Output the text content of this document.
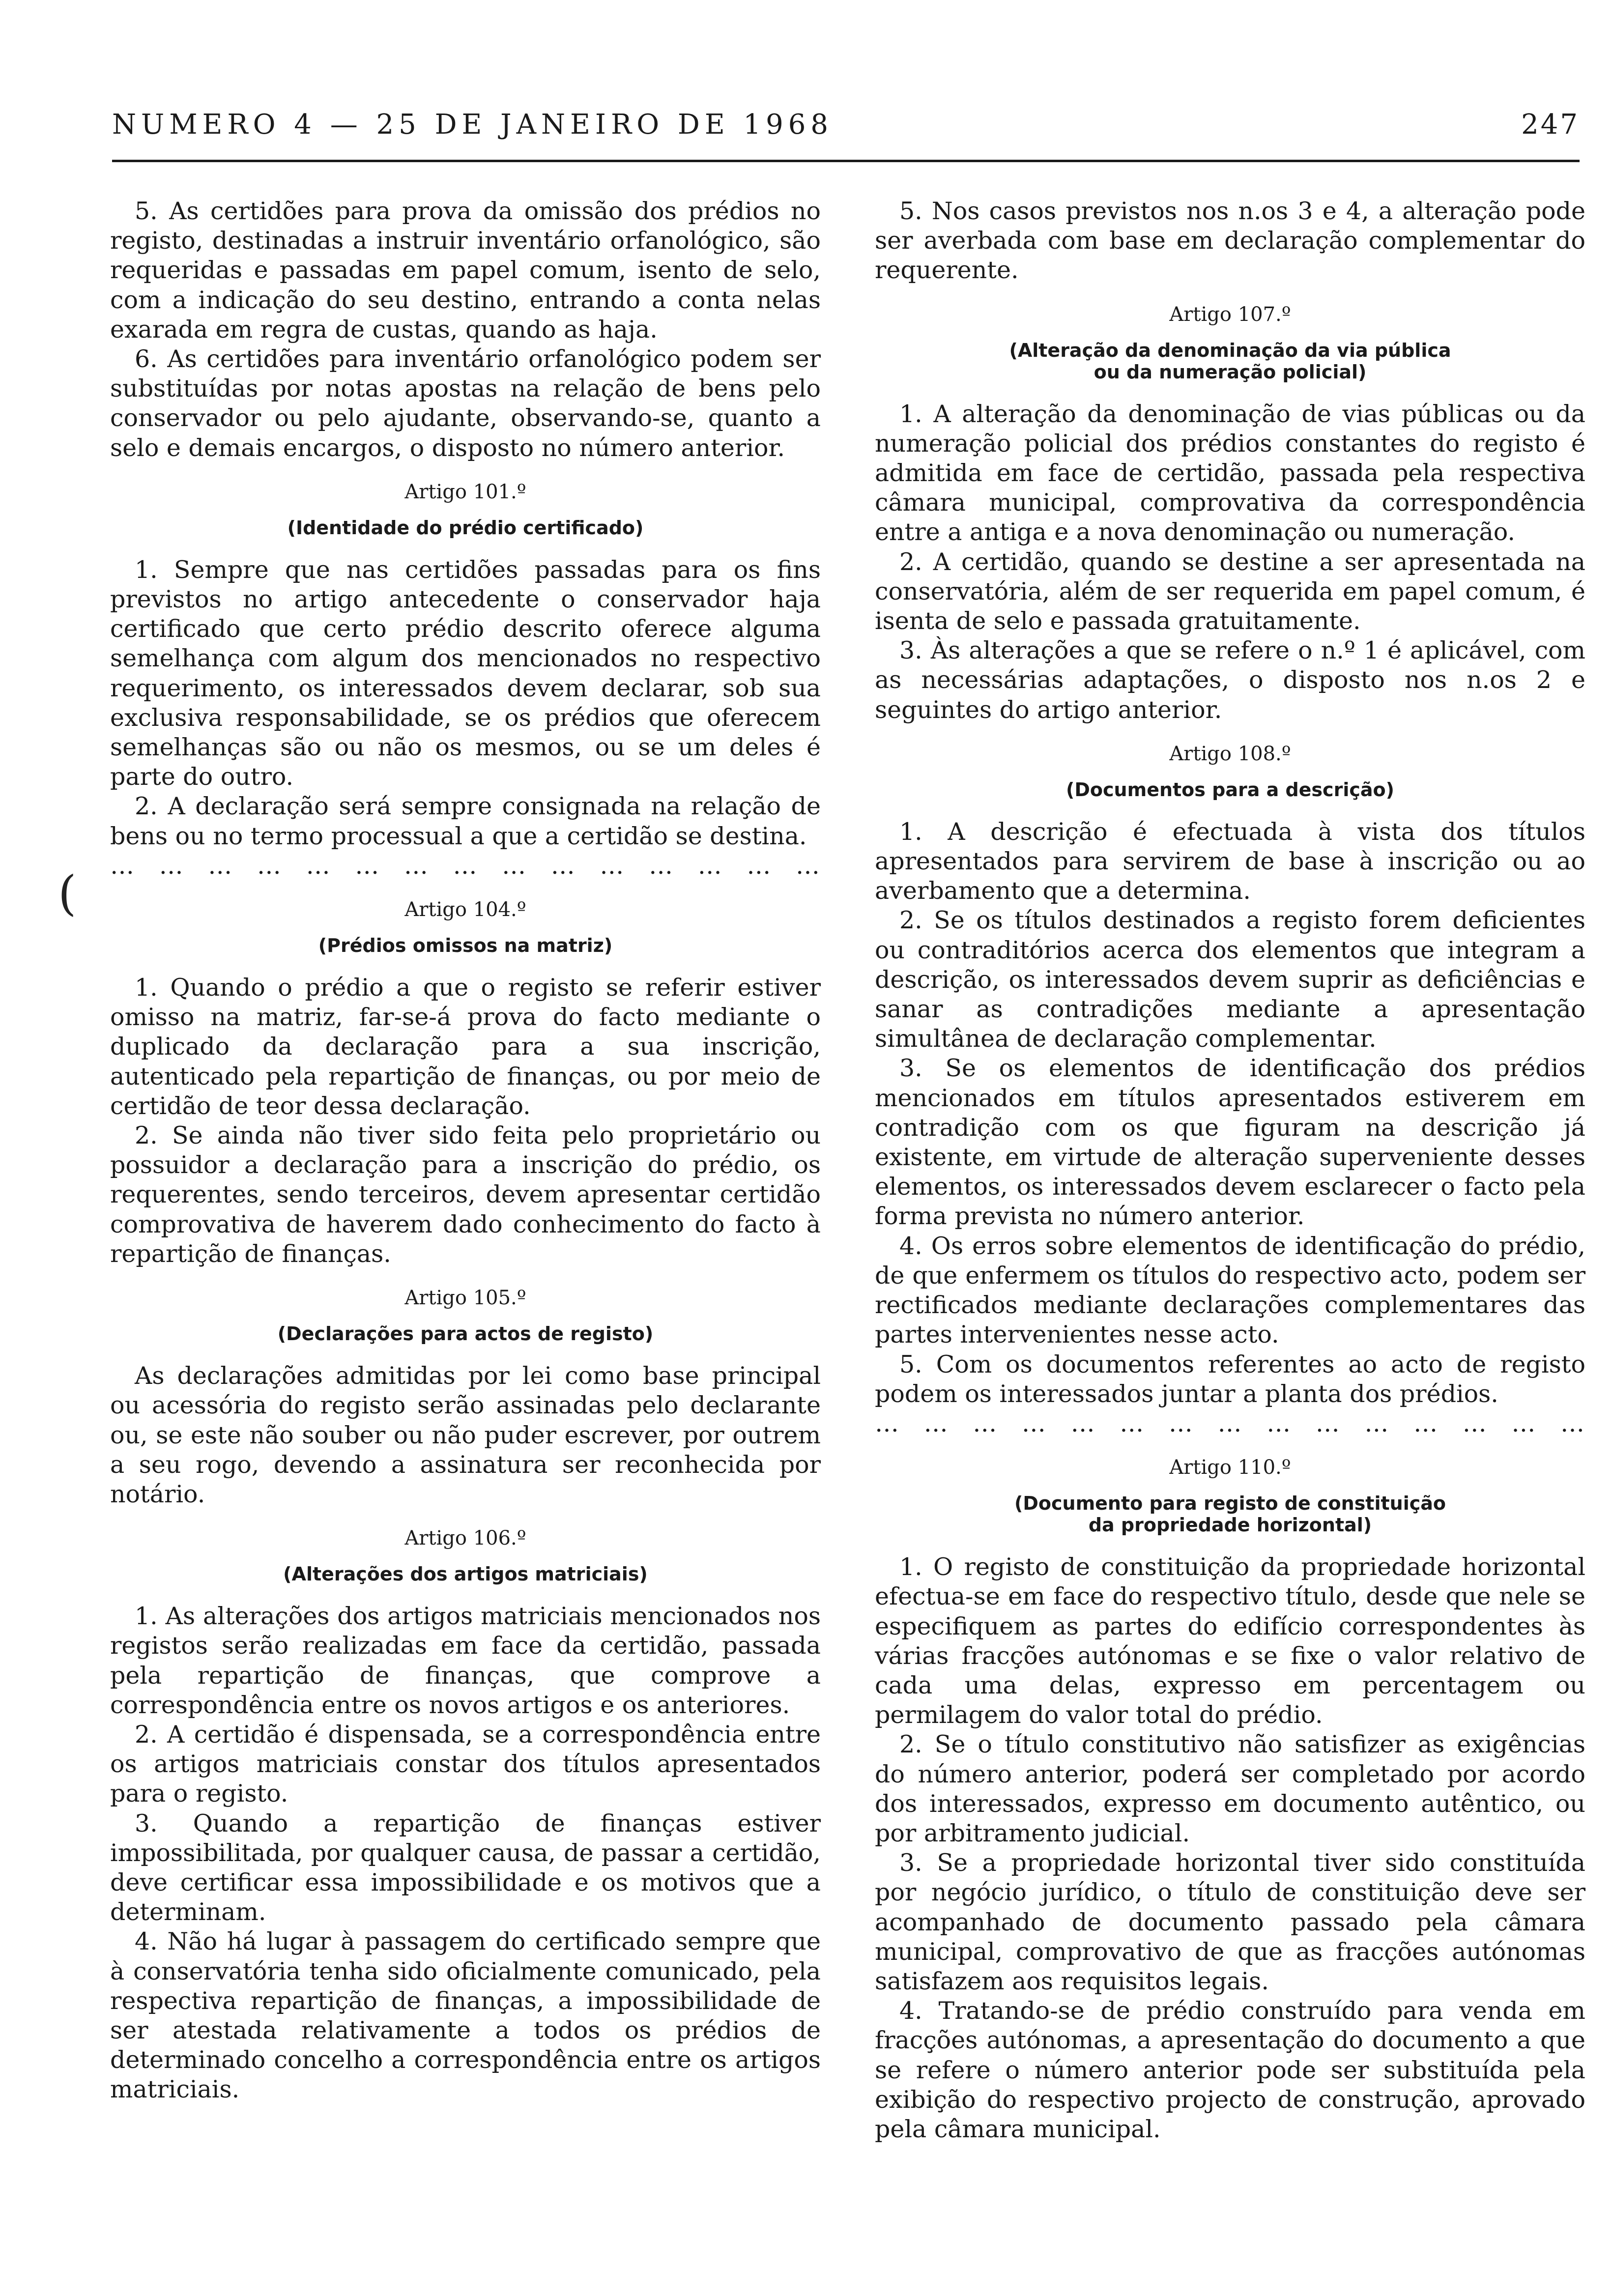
NUMERO 4 — 25 DE JANEIRO DE 1968	247
(

5. As certidões para prova da omissão dos prédios no registo, destinadas a instruir inventário orfanológico, são requeridas e passadas em papel comum, isento de selo, com a indicação do seu destino, entrando a conta nelas exarada em regra de custas, quando as haja.

6. As certidões para inventário orfanológico podem ser substituídas por notas apostas na relação de bens pelo conservador ou pelo ajudante, observando-se, quanto a selo e demais encargos, o disposto no número anterior.

Artigo 101.º

(Identidade do prédio certificado)

1. Sempre que nas certidões passadas para os fins previstos no artigo antecedente o conservador haja certificado que certo prédio descrito oferece alguma semelhança com algum dos mencionados no respectivo requerimento, os interessados devem declarar, sob sua exclusiva responsabilidade, se os prédios que oferecem semelhanças são ou não os mesmos, ou se um deles é parte do outro.

2. A declaração será sempre consignada na relação de bens ou no termo processual a que a certidão se destina.

… … … … … … … … … … … … … … …

Artigo 104.º

(Prédios omissos na matriz)

1. Quando o prédio a que o registo se referir estiver omisso na matriz, far-se-á prova do facto mediante o duplicado da declaração para a sua inscrição, autenticado pela repartição de finanças, ou por meio de certidão de teor dessa declaração.

2. Se ainda não tiver sido feita pelo proprietário ou possuidor a declaração para a inscrição do prédio, os requerentes, sendo terceiros, devem apresentar certidão comprovativa de haverem dado conhecimento do facto à repartição de finanças.

Artigo 105.º

(Declarações para actos de registo)

As declarações admitidas por lei como base principal ou acessória do registo serão assinadas pelo declarante ou, se este não souber ou não puder escrever, por outrem a seu rogo, devendo a assinatura ser reconhecida por notário.

Artigo 106.º

(Alterações dos artigos matriciais)

1. As alterações dos artigos matriciais mencionados nos registos serão realizadas em face da certidão, passada pela repartição de finanças, que comprove a correspondência entre os novos artigos e os anteriores.

2. A certidão é dispensada, se a correspondência entre os artigos matriciais constar dos títulos apresentados para o registo.

3. Quando a repartição de finanças estiver impossibilitada, por qualquer causa, de passar a certidão, deve certificar essa impossibilidade e os motivos que a determinam.

4. Não há lugar à passagem do certificado sempre que à conservatória tenha sido oficialmente comunicado, pela respectiva repartição de finanças, a impossibilidade de ser atestada relativamente a todos os prédios de determinado concelho a correspondência entre os artigos matriciais.

5. Nos casos previstos nos n.os 3 e 4, a alteração pode ser averbada com base em declaração complementar do requerente.

Artigo 107.º

(Alteração da denominação da via pública
ou da numeração policial)

1. A alteração da denominação de vias públicas ou da numeração policial dos prédios constantes do registo é admitida em face de certidão, passada pela respectiva câmara municipal, comprovativa da correspondência entre a antiga e a nova denominação ou numeração.

2. A certidão, quando se destine a ser apresentada na conservatória, além de ser requerida em papel comum, é isenta de selo e passada gratuitamente.

3. Às alterações a que se refere o n.º 1 é aplicável, com as necessárias adaptações, o disposto nos n.os 2 e seguintes do artigo anterior.

Artigo 108.º

(Documentos para a descrição)

1. A descrição é efectuada à vista dos títulos apresentados para servirem de base à inscrição ou ao averbamento que a determina.

2. Se os títulos destinados a registo forem deficientes ou contraditórios acerca dos elementos que integram a descrição, os interessados devem suprir as deficiências e sanar as contradições mediante a apresentação simultânea de declaração complementar.

3. Se os elementos de identificação dos prédios mencionados em títulos apresentados estiverem em contradição com os que figuram na descrição já existente, em virtude de alteração superveniente desses elementos, os interessados devem esclarecer o facto pela forma prevista no número anterior.

4. Os erros sobre elementos de identificação do prédio, de que enfermem os títulos do respectivo acto, podem ser rectificados mediante declarações complementares das partes intervenientes nesse acto.

5. Com os documentos referentes ao acto de registo podem os interessados juntar a planta dos prédios.

… … … … … … … … … … … … … … …

Artigo 110.º

(Documento para registo de constituição
da propriedade horizontal)

1. O registo de constituição da propriedade horizontal efectua-se em face do respectivo título, desde que nele se especifiquem as partes do edifício correspondentes às várias fracções autónomas e se fixe o valor relativo de cada uma delas, expresso em percentagem ou permilagem do valor total do prédio.

2. Se o título constitutivo não satisfizer as exigências do número anterior, poderá ser completado por acordo dos interessados, expresso em documento autêntico, ou por arbitramento judicial.

3. Se a propriedade horizontal tiver sido constituída por negócio jurídico, o título de constituição deve ser acompanhado de documento passado pela câmara municipal, comprovativo de que as fracções autónomas satisfazem aos requisitos legais.

4. Tratando-se de prédio construído para venda em fracções autónomas, a apresentação do documento a que se refere o número anterior pode ser substituída pela exibição do respectivo projecto de construção, aprovado pela câmara municipal.
